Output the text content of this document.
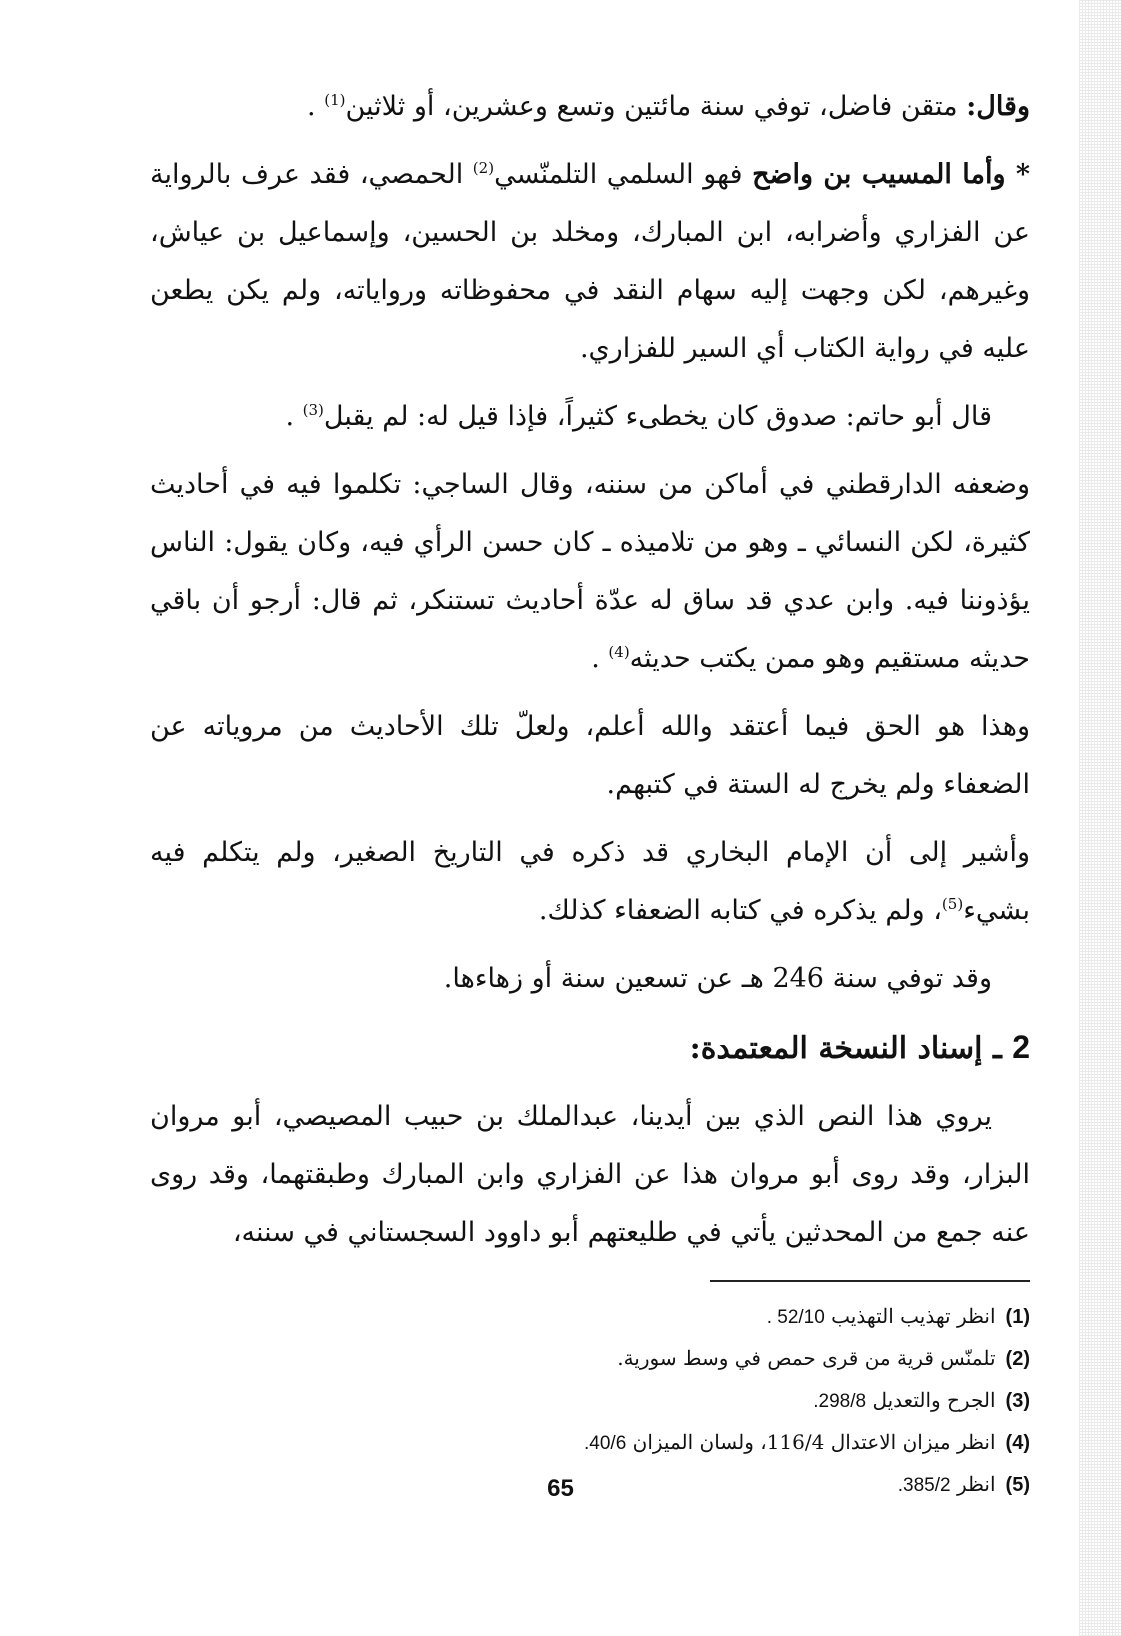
وقال: متقن فاضل، توفي سنة مائتين وتسع وعشرين، أو ثلاثين$^{(1)}$ .

* وأما المسيب بن واضح فهو السلمي التلمنّسي$^{(2)}$ الحمصي، فقد عرف بالرواية عن الفزاري وأضرابه، ابن المبارك، ومخلد بن الحسين، وإسماعيل بن عياش، وغيرهم، لكن وجهت إليه سهام النقد في محفوظاته ورواياته، ولم يكن يطعن عليه في رواية الكتاب أي السير للفزاري.

قال أبو حاتم: صدوق كان يخطىء كثيراً، فإذا قيل له: لم يقبل$^{(3)}$ .

وضعفه الدارقطني في أماكن من سننه، وقال الساجي: تكلموا فيه في أحاديث كثيرة، لكن النسائي ـ وهو من تلاميذه ـ كان حسن الرأي فيه، وكان يقول: الناس يؤذوننا فيه. وابن عدي قد ساق له عدّة أحاديث تستنكر، ثم قال: أرجو أن باقي حديثه مستقيم وهو ممن يكتب حديثه$^{(4)}$ .

وهذا هو الحق فيما أعتقد والله أعلم، ولعلّ تلك الأحاديث من مروياته عن الضعفاء ولم يخرج له الستة في كتبهم.

وأشير إلى أن الإمام البخاري قد ذكره في التاريخ الصغير، ولم يتكلم فيه بشيء$^{(5)}$، ولم يذكره في كتابه الضعفاء كذلك.

وقد توفي سنة 246 هـ عن تسعين سنة أو زهاءها.

2 ـ إسناد النسخة المعتمدة:

يروي هذا النص الذي بين أيدينا، عبدالملك بن حبيب المصيصي، أبو مروان البزار، وقد روى أبو مروان هذا عن الفزاري وابن المبارك وطبقتهما، وقد روى عنه جمع من المحدثين يأتي في طليعتهم أبو داوود السجستاني في سننه،

(1)انظر تهذيب التهذيب 52/10 .
(2)تلمنّس قرية من قرى حمص في وسط سورية.
(3)الجرح والتعديل 298/8.
(4)انظر ميزان الاعتدال 116/4، ولسان الميزان 40/6.
(5)انظر 385/2.
65
